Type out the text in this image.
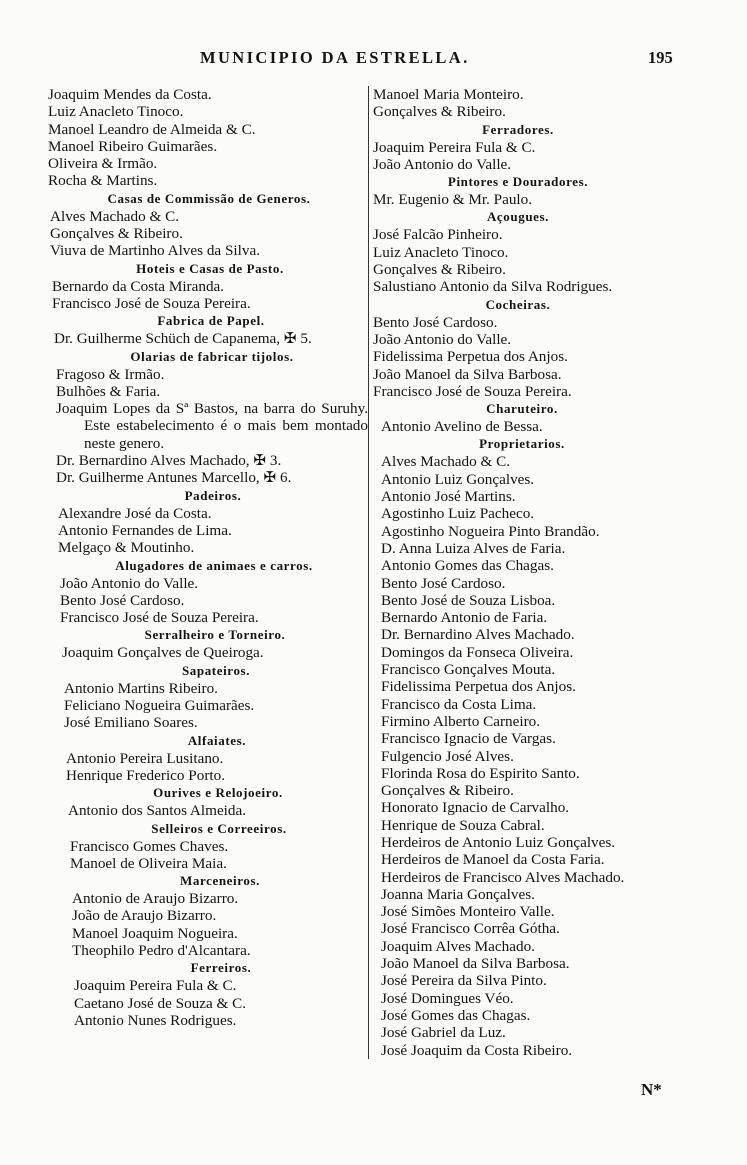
MUNICIPIO DA ESTRELLA.	195
Joaquim Mendes da Costa.
Luiz Anacleto Tinoco.
Manoel Leandro de Almeida & C.
Manoel Ribeiro Guimarães.
Oliveira & Irmão.
Rocha & Martins.
Casas de Commissão de Generos.
Alves Machado & C.
Gonçalves & Ribeiro.
Viuva de Martinho Alves da Silva.
Hoteis e Casas de Pasto.
Bernardo da Costa Miranda.
Francisco José de Souza Pereira.
Fabrica de Papel.
Dr. Guilherme Schüch de Capanema, ✠ 5.
Olarias de fabricar tijolos.
Fragoso & Irmão.
Bulhões & Faria.
Joaquim Lopes da Sª Bastos, na barra do Suruhy. Este estabelecimento é o mais bem montado neste genero.
Dr. Bernardino Alves Machado, ✠ 3.
Dr. Guilherme Antunes Marcello, ✠ 6.
Padeiros.
Alexandre José da Costa.
Antonio Fernandes de Lima.
Melgaço & Moutinho.
Alugadores de animaes e carros.
João Antonio do Valle.
Bento José Cardoso.
Francisco José de Souza Pereira.
Serralheiro e Torneiro.
Joaquim Gonçalves de Queiroga.
Sapateiros.
Antonio Martins Ribeiro.
Feliciano Nogueira Guimarães.
José Emiliano Soares.
Alfaiates.
Antonio Pereira Lusitano.
Henrique Frederico Porto.
Ourives e Relojoeiro.
Antonio dos Santos Almeida.
Selleiros e Correeiros.
Francisco Gomes Chaves.
Manoel de Oliveira Maia.
Marceneiros.
Antonio de Araujo Bizarro.
João de Araujo Bizarro.
Manoel Joaquim Nogueira.
Theophilo Pedro d'Alcantara.
Ferreiros.
Joaquim Pereira Fula & C.
Caetano José de Souza & C.
Antonio Nunes Rodrigues.
Manoel Maria Monteiro.
Gonçalves & Ribeiro.
Ferradores.
Joaquim Pereira Fula & C.
João Antonio do Valle.
Pintores e Douradores.
Mr. Eugenio & Mr. Paulo.
Açougues.
José Falcão Pinheiro.
Luiz Anacleto Tinoco.
Gonçalves & Ribeiro.
Salustiano Antonio da Silva Rodrigues.
Cocheiras.
Bento José Cardoso.
João Antonio do Valle.
Fidelissima Perpetua dos Anjos.
João Manoel da Silva Barbosa.
Francisco José de Souza Pereira.
Charuteiro.
Antonio Avelino de Bessa.
Proprietarios.
Alves Machado & C.
Antonio Luiz Gonçalves.
Antonio José Martins.
Agostinho Luiz Pacheco.
Agostinho Nogueira Pinto Brandão.
D. Anna Luiza Alves de Faria.
Antonio Gomes das Chagas.
Bento José Cardoso.
Bento José de Souza Lisboa.
Bernardo Antonio de Faria.
Dr. Bernardino Alves Machado.
Domingos da Fonseca Oliveira.
Francisco Gonçalves Mouta.
Fidelissima Perpetua dos Anjos.
Francisco da Costa Lima.
Firmino Alberto Carneiro.
Francisco Ignacio de Vargas.
Fulgencio José Alves.
Florinda Rosa do Espirito Santo.
Gonçalves & Ribeiro.
Honorato Ignacio de Carvalho.
Henrique de Souza Cabral.
Herdeiros de Antonio Luiz Gonçalves.
Herdeiros de Manoel da Costa Faria.
Herdeiros de Francisco Alves Machado.
Joanna Maria Gonçalves.
José Simões Monteiro Valle.
José Francisco Corrêa Gótha.
Joaquim Alves Machado.
João Manoel da Silva Barbosa.
José Pereira da Silva Pinto.
José Domingues Véo.
José Gomes das Chagas.
José Gabriel da Luz.
José Joaquim da Costa Ribeiro.
N*
